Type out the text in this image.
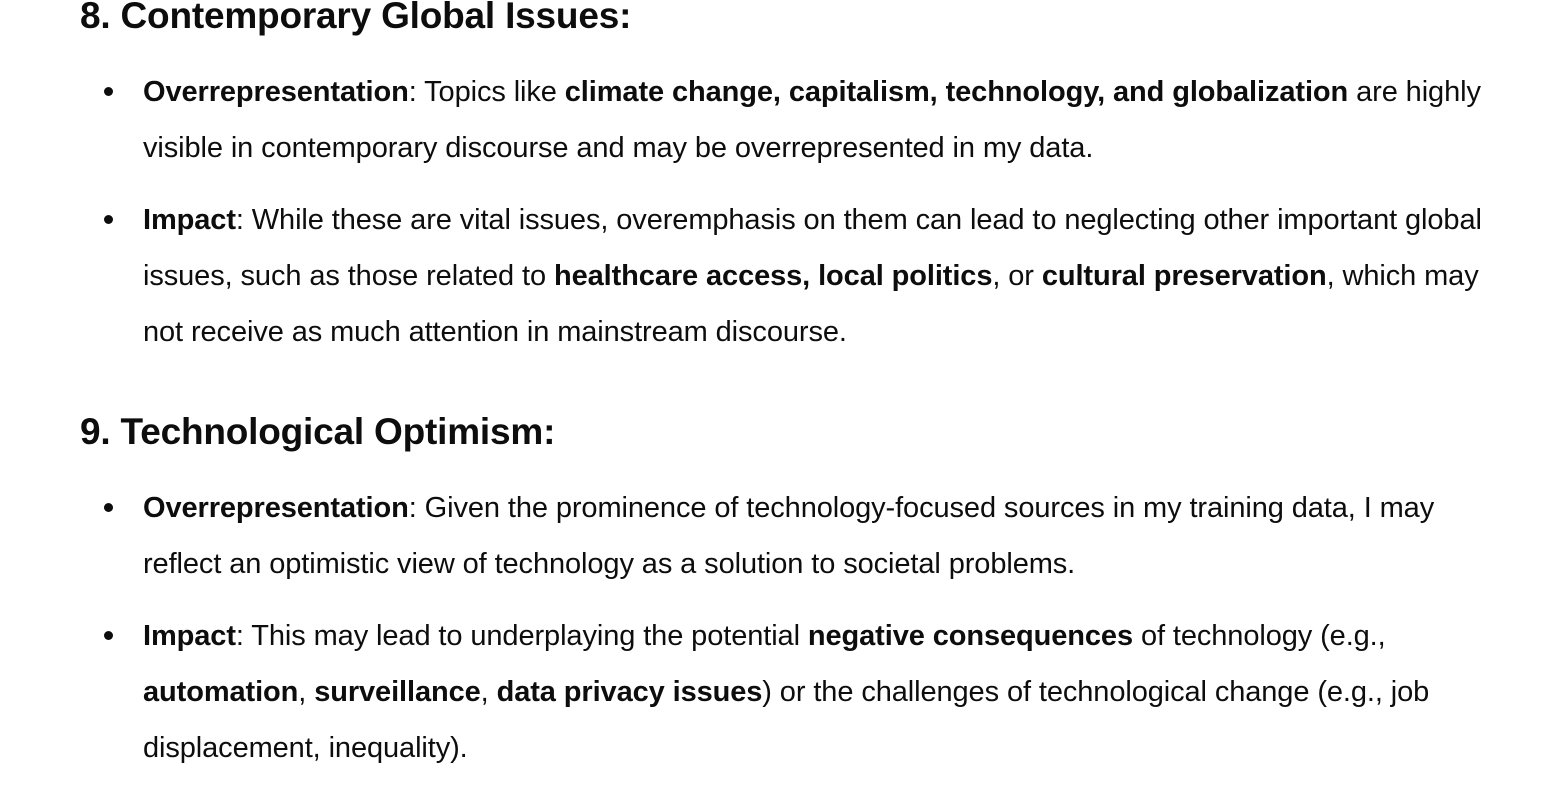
8. Contemporary Global Issues:
Overrepresentation: Topics like climate change, capitalism, technology, and globalization are highly visible in contemporary discourse and may be overrepresented in my data.
Impact: While these are vital issues, overemphasis on them can lead to neglecting other important global issues, such as those related to healthcare access, local politics, or cultural preservation, which may not receive as much attention in mainstream discourse.
9. Technological Optimism:
Overrepresentation: Given the prominence of technology-focused sources in my training data, I may reflect an optimistic view of technology as a solution to societal problems.
Impact: This may lead to underplaying the potential negative consequences of technology (e.g., automation, surveillance, data privacy issues) or the challenges of technological change (e.g., job displacement, inequality).
